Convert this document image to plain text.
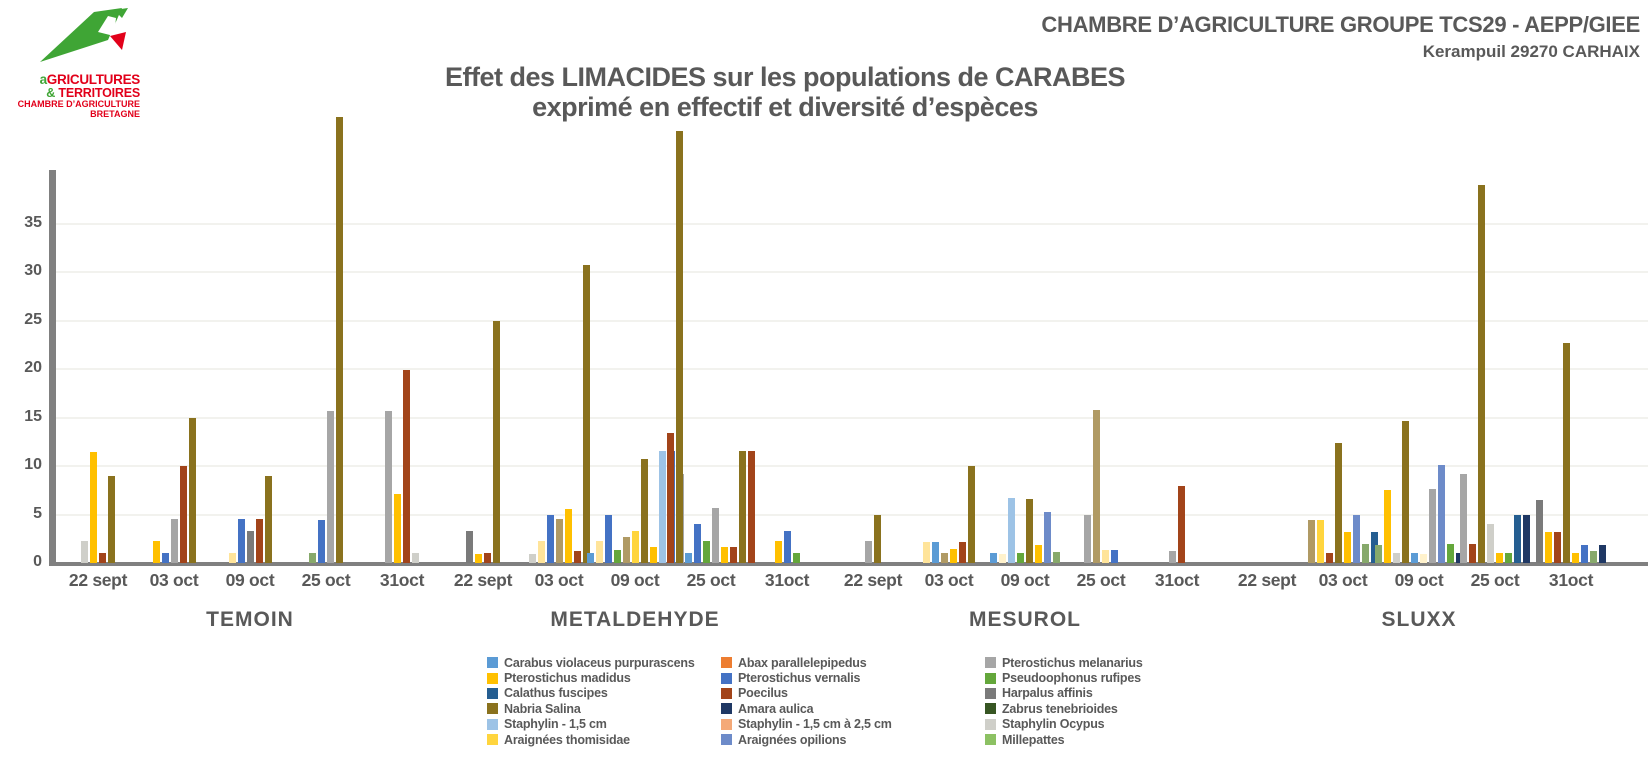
aGRICULTURES
& TERRITOIRES
CHAMBRE D’AGRICULTURE
BRETAGNE
CHAMBRE D’AGRICULTURE GROUPE TCS29 - AEPP/GIEE
Kerampuil 29270 CARHAIX
Effet des LIMACIDES sur les populations de CARABES
exprimé en effectif et diversité d’espèces
0
5
10
15
20
25
30
35
22 sept	03 oct	09 oct	25 oct	31oct
TEMOIN
22 sept	03 oct	09 oct	25 oct	31oct
METALDEHYDE
22 sept	03 oct	09 oct	25 oct	31oct
MESUROL
22 sept	03 oct	09 oct	25 oct	31oct
SLUXX
Carabus violaceus purpurascens
Pterostichus madidus
Calathus fuscipes
Nabria Salina
Staphylin - 1,5 cm
Araignées thomisidae
Abax parallelepipedus
Pterostichus vernalis
Poecilus
Amara aulica
Staphylin - 1,5 cm à 2,5 cm
Araignées opilions
Pterostichus melanarius
Pseudoophonus rufipes
Harpalus affinis
Zabrus tenebrioides
Staphylin Ocypus
Millepattes
